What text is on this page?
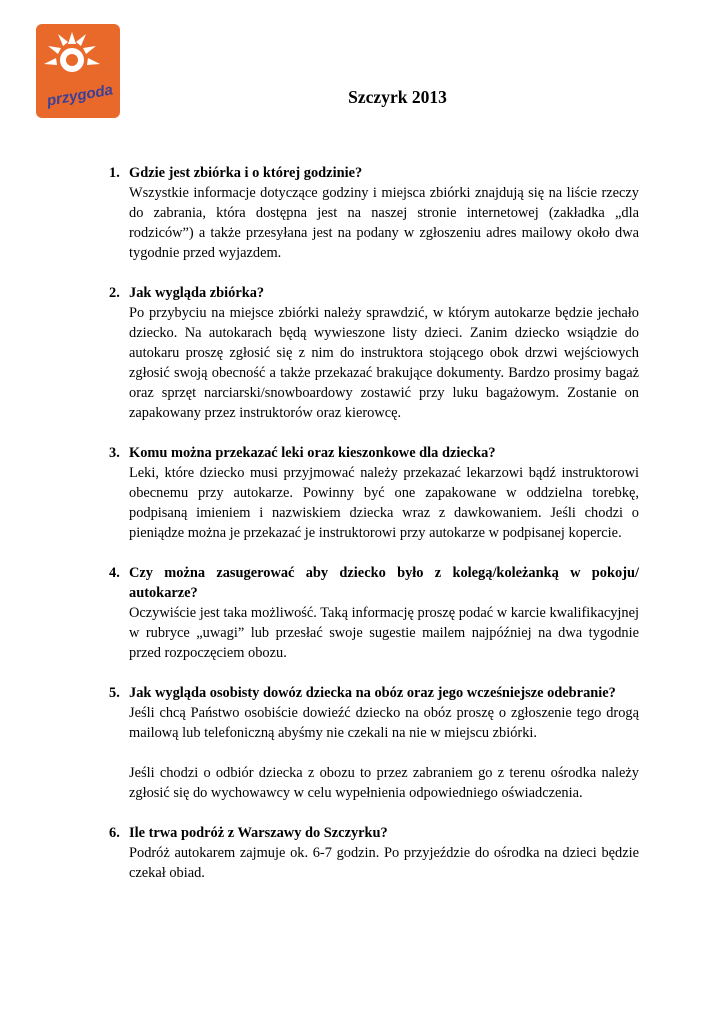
przygoda	Szczyrk 2013
1. Gdzie jest zbiórka i o której godzinie?

Wszystkie informacje dotyczące godziny i miejsca zbiórki znajdują się na liście rzeczy do zabrania, która dostępna jest na naszej stronie internetowej (zakładka „dla rodziców”) a także przesyłana jest na podany w zgłoszeniu adres mailowy około dwa tygodnie przed wyjazdem.

2. Jak wygląda zbiórka?

Po przybyciu na miejsce zbiórki należy sprawdzić, w którym autokarze będzie jechało dziecko. Na autokarach będą wywieszone listy dzieci. Zanim dziecko wsiądzie do autokaru proszę zgłosić się z nim do instruktora stojącego obok drzwi wejściowych zgłosić swoją obecność a także przekazać brakujące dokumenty. Bardzo prosimy bagaż oraz sprzęt narciarski/snowboardowy zostawić przy luku bagażowym. Zostanie on zapakowany przez instruktorów oraz kierowcę.

3. Komu można przekazać leki oraz kieszonkowe dla dziecka?

Leki, które dziecko musi przyjmować należy przekazać lekarzowi bądź instruktorowi obecnemu przy autokarze. Powinny być one zapakowane w oddzielna torebkę, podpisaną imieniem i nazwiskiem dziecka wraz z dawkowaniem. Jeśli chodzi o pieniądze można je przekazać je instruktorowi przy autokarze w podpisanej kopercie.

4. Czy można zasugerować aby dziecko było z kolegą/koleżanką w pokoju/ autokarze?

Oczywiście jest taka możliwość. Taką informację proszę podać w karcie kwalifikacyjnej w rubryce „uwagi” lub przesłać swoje sugestie mailem najpóźniej na dwa tygodnie przed rozpoczęciem obozu.

5. Jak wygląda osobisty dowóz dziecka na obóz oraz jego wcześniejsze odebranie?

Jeśli chcą Państwo osobiście dowieźć dziecko na obóz proszę o zgłoszenie tego drogą mailową lub telefoniczną abyśmy nie czekali na nie w miejscu zbiórki.

Jeśli chodzi o odbiór dziecka z obozu to przez zabraniem go z terenu ośrodka należy zgłosić się do wychowawcy w celu wypełnienia odpowiedniego oświadczenia.

6. Ile trwa podróż z Warszawy do Szczyrku?

Podróż autokarem zajmuje ok. 6-7 godzin. Po przyjeździe do ośrodka na dzieci będzie czekał obiad.
